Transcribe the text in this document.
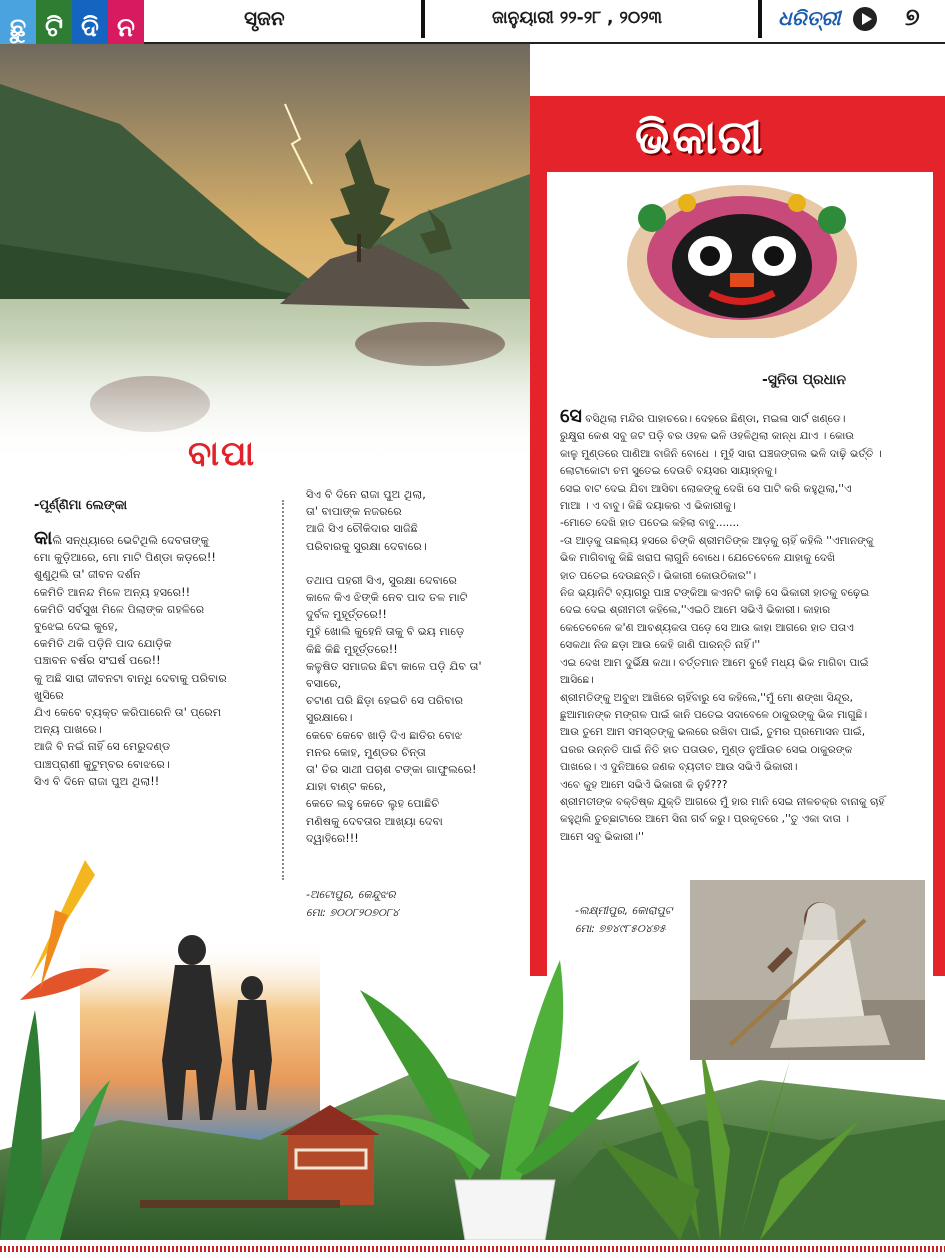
ଛୁ ଟି ଦି ନ	ସୃଜନ	ଜାନୁୟାରୀ ୨୨-୨୮ , ୨୦୨୩	ଧରିତ୍ରୀ	୭
ଭିକାରୀ
-ସୁନିତା ପ୍ରଧାନ
ସେ ବସିଥିଲା ମନ୍ଦିର ପାହାଚରେ। ଦେହରେ ଛିଣ୍ଡା, ମଇଳା ସାର୍ଟ ଖଣ୍ଡେ।
ରୁକ୍ଷୁରା କେଶ ସବୁ ଜଟ ପଡ଼ି ବର ଓହଳ ଭଳି ଓହଳିଥିଲା କାନ୍ଧ ଯାଏ । କୋଉ
କାଳୁ ମୁଣ୍ଡରେ ପାଣିଆ ବାଜିନି ବୋଧେ । ମୁହଁ ସାରା ଘଞ୍ଚଜଙ୍ଗଲ ଭଳି ଦାଢ଼ି ଭର୍ତ୍ତି ।
ଲୋଟାକୋଟା ଚମ ସୁତେଇ ଦେଉଚି ବୟସର ସାୟାହ୍ନକୁ।
ସେଇ ବାଟ ଦେଇ ଯିବା ଆସିବା ଲୋକଙ୍କୁ ଦେଖି ସେ ପାଟି କରି କହୁଥିଲା,''ଏ
ମାଆ । ଏ ବାବୁ। କିଛି ଦୟାକର ଏ ଭିକାରୀକୁ।
-ମୋତେ ଦେଖି ହାତ ପତେଇ କହିଲା ବାବୁ.......
-ତା ଆଡ଼କୁ ତାଛଲ୍ୟ ହସରେ ଚିଙ୍କି ଶ୍ରୀମତିଙ୍କ ଆଡ଼କୁ ଚାହିଁ କହିଲି ''ଏମାନଙ୍କୁ
ଭିକ ମାଗିବାକୁ କିଛି ଖରାପ ଲାଗୁନି ବୋଧେ। ଯେତେବେଳେ ଯାହାକୁ ଦେଖି
ହାତ ପତେଇ ଦେଉଛନ୍ତି। ଭିକାରୀ କୋଉଠିକାର''।
ନିଜ ଭ୍ୟାନିଟି ବ୍ୟାଗରୁ ପାଞ୍ଚ ଟଙ୍କିଆ କଏନଟି କାଢ଼ି ସେ ଭିକାରୀ ହାତକୁ ବଢ଼େଇ
ଦେଇ ଦେଇ ଶ୍ରୀମତୀ କହିଲେ,''ଏଇଠି ଆମେ ସଭିଏଁ ଭିକାରୀ। କାହାର
କେତେବେଳେ କ'ଣ ଆବଶ୍ୟକତା ପଡ଼େ ସେ ଆଉ କାହା ଆଗରେ ହାତ ପତାଏ
ସେକଥା ନିଜ ଛଡ଼ା ଆଉ କେହି ଜାଣି ପାରନ୍ତି ନାହିଁ।''
ଏଇ ଦେଖ ଆମ ଦୁର୍ଭିକ୍ଷ କଥା। ବର୍ତ୍ତମାନ ଆମେ ବୁହେଁ ମଧ୍ୟ ଭିକ ମାଗିବା ପାଇଁ
ଆସିଛେ।
ଶ୍ରୀମତିଙ୍କୁ ଅବୁଝା ଆଖିରେ ଚାହିଁବାରୁ ସେ କହିଲେ,''ମୁଁ ମୋ ଶଙ୍ଖା ସିନ୍ଦୂର,
ଛୁଆମାନଙ୍କ ମଙ୍ଗଳ ପାଇଁ କାନି ପତେଇ ସଦାବେଳେ ଠାକୁରଙ୍କୁ ଭିକ ମାଗୁଛି।
ଆଉ ତୁମେ ଆମ ସମସ୍ତଙ୍କୁ ଭଲରେ ରଖିବା ପାଇଁ, ତୁମର ପ୍ରମୋସନ ପାଇଁ,
ଘରର ଉନ୍ନତି ପାଇଁ ନିତି ହାତ ପତାଉଚ, ମୁଣ୍ଡ ନୁଆଁଉଚ ସେଇ ଠାକୁରଙ୍କ
ପାଖରେ। ଏ ଦୁନିଆରେ ଜଣକ ବ୍ୟତୀତ ଆଉ ସଭିଏଁ ଭିକାରୀ।
ଏବେ କୁହ ଆମେ ସଭିଏଁ ଭିକାରୀ କି ନୁହଁ???
ଶ୍ରୀମତୀଙ୍କ ବକ୍ତିଷ୍କ ଯୁକ୍ତି ଆଗରେ ମୁଁ ହାର ମାନି ସେଇ ନୀଳଚକ୍ର ବାନାକୁ ଚାହିଁ
କହୁଥିଲି ତୁଚ୍ଛାଟାରେ ଆମେ ସିନା ଗର୍ବ କରୁ। ପ୍ରକୃତରେ ,''ତୁ ଏକା ଦାତା ।
ଆମେ ସବୁ ଭିକାରୀ।''
-ଲକ୍ଷ୍ମୀପୁର, କୋରାପୁଟ
ମୋ: ୭୭୪୯୮୫୦୪୭୫
ବାପା
-ପୂର୍ଣ୍ଣିମା ଲେଙ୍କା
କାଲି ସନ୍ଧ୍ୟାରେ ଭେଟିଥିଲି ଦେବତାଙ୍କୁ
ମୋ କୁଡ଼ିଆରେ, ମୋ ମାଟି ପିଣ୍ଡା କଡ଼ରେ!!
ଶୁଣୁଥିଲି ତା' ଜୀବନ ଦର୍ଶନ
କେମିତି ଆନନ୍ଦ ମିଳେ ଅନ୍ୟ ହସରେ!!
କେମିତି ସର୍ବସୁଖ ମିଳେ ପିଲାଙ୍କ ଗହଳିରେ
ବୁଝେଇ ଦେଇ କୁହେ,
କେମିତି ଥକି ପଡ଼ିନି ପାଦ ଯୋଡ଼ିକ
ପଞ୍ଚାବନ ବର୍ଷର ସଂଘର୍ଷ ପରେ!!
କୁ ଅଛି ସାରା ଜୀବନଟା ବାନ୍ଧି ଦେବାକୁ ପରିବାର
ଖୁସିରେ
ଯିଏ କେବେ ବ୍ୟକ୍ତ କରିପାରେନି ତା' ପ୍ରେମ
ଅନ୍ୟ ପାଖରେ।
ଆଜି ବି ନଇଁ ନାହିଁ ସେ ମେରୁଦଣ୍ଡ
ପାଞ୍ଚପ୍ରାଣୀ କୁଟୁମ୍ବର ବୋଝରେ।
ସିଏ ବି ଦିନେ ରାଜା ପୁଅ ଥିଲା!!
ସିଏ ବି ଦିନେ ରାଜା ପୁଅ ଥିଲା,
ତା' ବାପାଙ୍କ ନଜରରେ
ଆଜି ସିଏ ଚୌକିଦାର ସାଜିଛି
ପରିବାରକୁ ସୁରକ୍ଷା ଦେବାରେ।
ତଥାପ ପହରୀ ସିଏ, ସୁରକ୍ଷା ଦେବାରେ
କାଳେ କିଏ ଝିଙ୍କି ନେବ ପାଦ ତଳ ମାଟି
ଦୁର୍ବଳ ମୁହୂର୍ତ୍ତରେ!!
ମୁହଁ ଖୋଲି କୁହେନି ତାକୁ ବି ଭୟ ମାଡ଼େ
କିଛି କିଛି ମୁହୂର୍ତ୍ତରେ!!
କଳୁଷିତ ସମାଜର ଛିଟା କାଳେ ପଡ଼ି ଯିବ ତା'
ବସାରେ,
ଚଟାଣ ପରି ଛିଡ଼ା ହେଇଚି ସେ ପରିବାର
ସୁରକ୍ଷାରେ।
କେବେ କେବେ ଖାଡ଼ି ଦିଏ ଛାତିର ବୋଝ
ମନର କୋହ, ମୁଣ୍ଡର ଚିନ୍ତା
ତା' ତିର ସାଥୀ ପଚାଶ ଟଙ୍କା ଗାଫୁଲରେ!
ଯାହା ବାଣ୍ଟ କରେ,
କେତେ ଲହୁ କେତେ ଲୁହ ପୋଛିଚି
ମଣିଷକୁ ଦେବତାର ଆଖ୍ୟା ଦେବା
ଦ୍ୱାହିରେ!!!
-ଅଟୋପୁର, କେନ୍ଦୁଝର
ମୋ: ୭୦୦୮୨୦୭୦୮୪
